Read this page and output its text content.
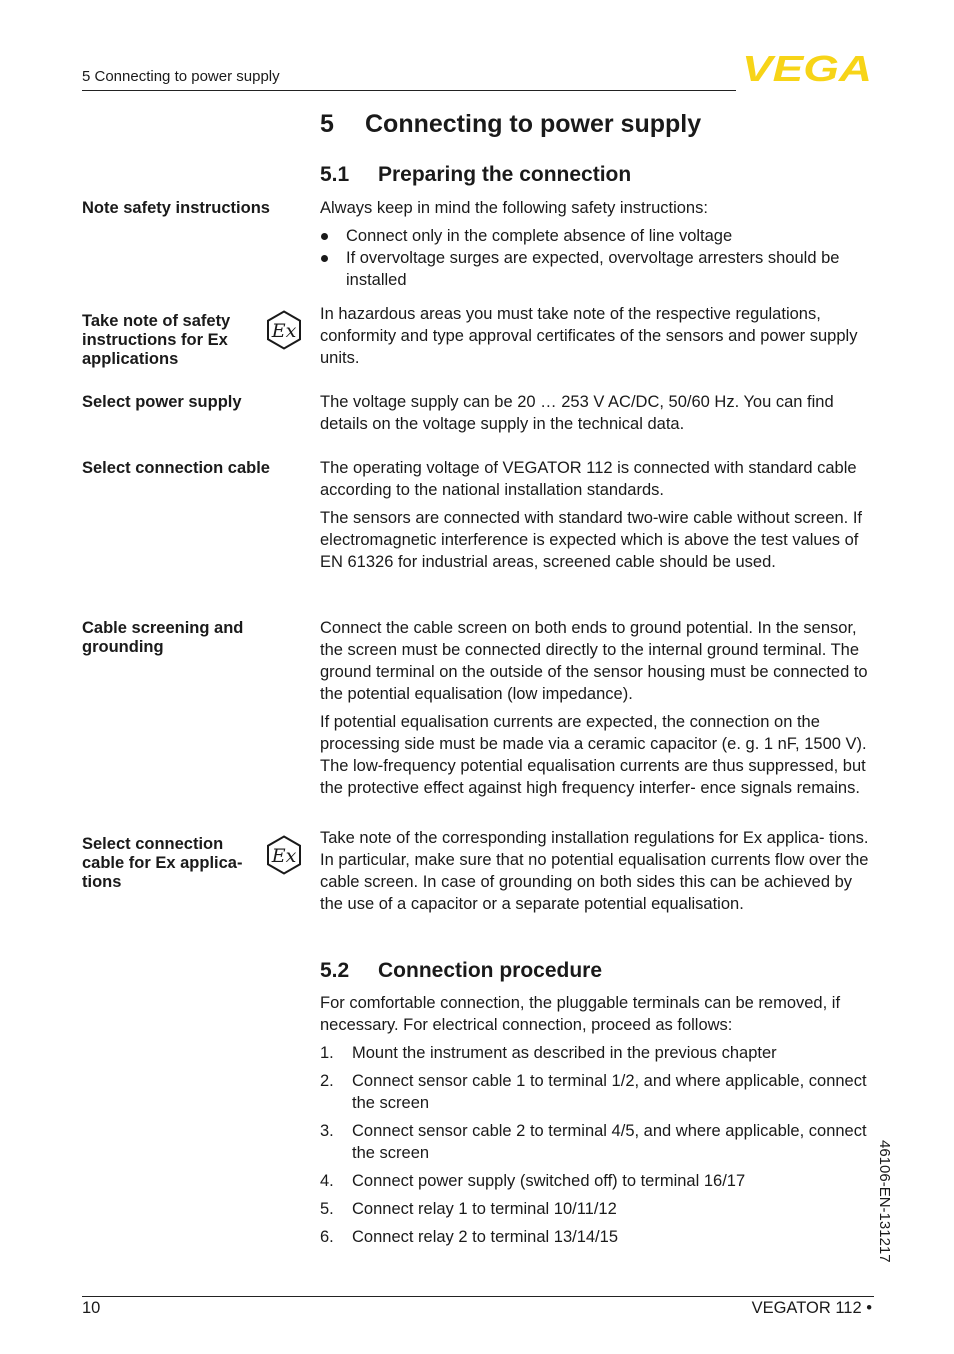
5 Connecting to power supply	VEGA
5 Connecting to power supply
5.1 Preparing the connection
Note safety instructions	Always keep in mind the following safety instructions:

Connect only in the complete absence of line voltage
If overvoltage surges are expected, overvoltage arresters should be installed
Take note of safety instructions for Ex applications
Ex
In hazardous areas you must take note of the respective regulations, conformity and type approval certificates of the sensors and power supply units.
Select power supply	The voltage supply can be 20 … 253 V AC/DC, 50/60 Hz. You can find details on the voltage supply in the technical data.
Select connection cable	The operating voltage of VEGATOR 112 is connected with standard cable according to the national installation standards.

The sensors are connected with standard two-wire cable without screen. If electromagnetic interference is expected which is above the test values of EN 61326 for industrial areas, screened cable should be used.

Cable screening and grounding

Connect the cable screen on both ends to ground potential. In the sensor, the screen must be connected directly to the internal ground terminal. The ground terminal on the outside of the sensor housing must be connected to the potential equalisation (low impedance).

If potential equalisation currents are expected, the connection on the processing side must be made via a ceramic capacitor (e. g. 1 nF, 1500 V). The low-frequency potential equalisation currents are thus suppressed, but the protective effect against high frequency interfer- ence signals remains.

Select connection cable for Ex applica- tions
Ex
Take note of the corresponding installation regulations for Ex applica- tions. In particular, make sure that no potential equalisation currents flow over the cable screen. In case of grounding on both sides this can be achieved by the use of a capacitor or a separate potential equalisation.
5.2 Connection procedure

For comfortable connection, the pluggable terminals can be removed, if necessary. For electrical connection, proceed as follows:

1. Mount the instrument as described in the previous chapter
2. Connect sensor cable 1 to terminal 1/2, and where applicable, connect the screen
3. Connect sensor cable 2 to terminal 4/5, and where applicable, connect the screen
4. Connect power supply (switched off) to terminal 16/17
5. Connect relay 1 to terminal 10/11/12
6. Connect relay 2 to terminal 13/14/15	46106-EN-131217
10	VEGATOR 112 •
